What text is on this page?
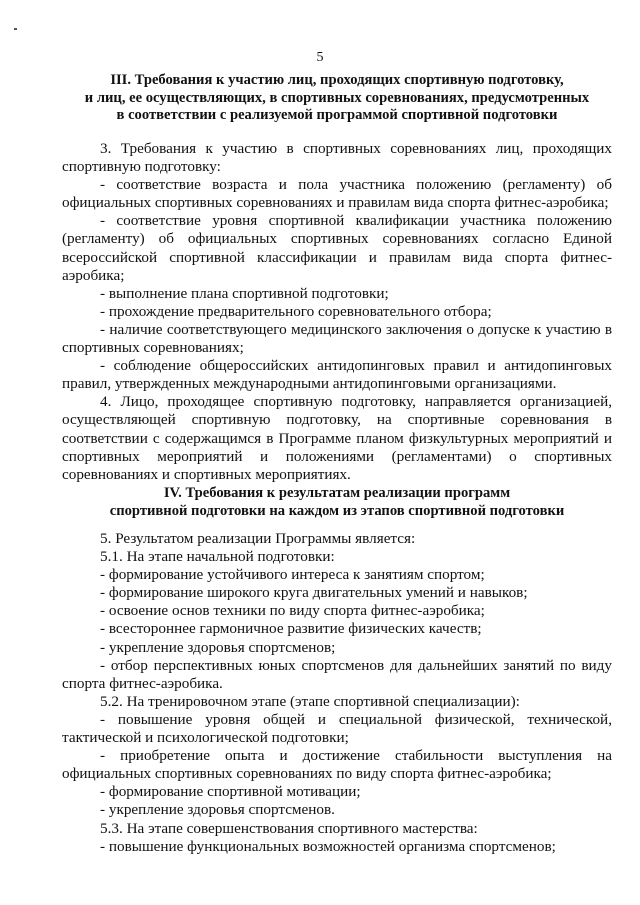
5
III. Требования к участию лиц, проходящих спортивную подготовку,
и лиц, ее осуществляющих, в спортивных соревнованиях, предусмотренных
в соответствии с реализуемой программой спортивной подготовки

3. Требования к участию в спортивных соревнованиях лиц, проходящих
спортивную подготовку:

- соответствие возраста и пола участника положению (регламенту) об
официальных спортивных соревнованиях и правилам вида спорта фитнес-аэробика;

- соответствие уровня спортивной квалификации участника положению
(регламенту) об официальных спортивных соревнованиях согласно Единой
всероссийской спортивной классификации и правилам вида спорта фитнес-
аэробика;

- выполнение плана спортивной подготовки;

- прохождение предварительного соревновательного отбора;

- наличие соответствующего медицинского заключения о допуске к участию в
спортивных соревнованиях;

- соблюдение общероссийских антидопинговых правил и антидопинговых
правил, утвержденных международными антидопинговыми организациями.

4. Лицо, проходящее спортивную подготовку, направляется организацией,
осуществляющей спортивную подготовку, на спортивные соревнования в
соответствии с содержащимся в Программе планом физкультурных мероприятий и
спортивных мероприятий и положениями (регламентами) о спортивных
соревнованиях и спортивных мероприятиях.

IV. Требования к результатам реализации программ
спортивной подготовки на каждом из этапов спортивной подготовки

5. Результатом реализации Программы является:

5.1. На этапе начальной подготовки:

- формирование устойчивого интереса к занятиям спортом;

- формирование широкого круга двигательных умений и навыков;

- освоение основ техники по виду спорта фитнес-аэробика;

- всестороннее гармоничное развитие физических качеств;

- укрепление здоровья спортсменов;

- отбор перспективных юных спортсменов для дальнейших занятий по виду
спорта фитнес-аэробика.

5.2. На тренировочном этапе (этапе спортивной специализации):

- повышение уровня общей и специальной физической, технической,
тактической и психологической подготовки;

- приобретение опыта и достижение стабильности выступления на
официальных спортивных соревнованиях по виду спорта фитнес-аэробика;

- формирование спортивной мотивации;

- укрепление здоровья спортсменов.

5.3. На этапе совершенствования спортивного мастерства:

- повышение функциональных возможностей организма спортсменов;
